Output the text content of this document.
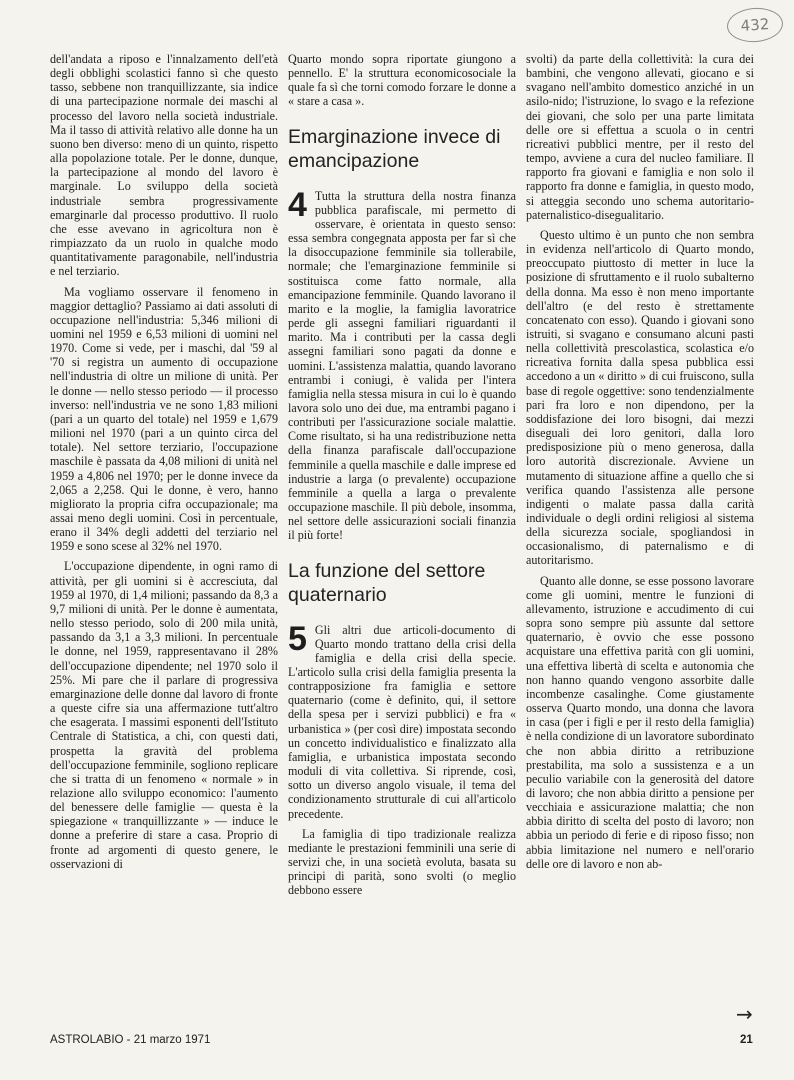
432

dell'andata a riposo e l'innalzamento dell'età degli obblighi scolastici fanno sì che questo tasso, sebbene non tranquillizzante, sia indice di una partecipazione normale dei maschi al processo del lavoro nella società industriale. Ma il tasso di attività relativo alle donne ha un suono ben diverso: meno di un quinto, rispetto alla popolazione totale. Per le donne, dunque, la partecipazione al mondo del lavoro è marginale. Lo sviluppo della società industriale sembra progressivamente emarginarle dal processo produttivo. Il ruolo che esse avevano in agricoltura non è rimpiazzato da un ruolo in qualche modo quantitativamente paragonabile, nell'industria e nel terziario.

Ma vogliamo osservare il fenomeno in maggior dettaglio? Passiamo ai dati assoluti di occupazione nell'industria: 5,346 milioni di uomini nel 1959 e 6,53 milioni di uomini nel 1970. Come si vede, per i maschi, dal '59 al '70 si registra un aumento di occupazione nell'industria di oltre un milione di unità. Per le donne — nello stesso periodo — il processo inverso: nell'industria ve ne sono 1,83 milioni (pari a un quarto del totale) nel 1959 e 1,679 milioni nel 1970 (pari a un quinto circa del totale). Nel settore terziario, l'occupazione maschile è passata da 4,08 milioni di unità nel 1959 a 4,806 nel 1970; per le donne invece da 2,065 a 2,258. Qui le donne, è vero, hanno migliorato la propria cifra occupazionale; ma assai meno degli uomini. Così in percentuale, erano il 34% degli addetti del terziario nel 1959 e sono scese al 32% nel 1970.

L'occupazione dipendente, in ogni ramo di attività, per gli uomini si è accresciuta, dal 1959 al 1970, di 1,4 milioni; passando da 8,3 a 9,7 milioni di unità. Per le donne è aumentata, nello stesso periodo, solo di 200 mila unità, passando da 3,1 a 3,3 milioni. In percentuale le donne, nel 1959, rappresentavano il 28% dell'occupazione dipendente; nel 1970 solo il 25%. Mi pare che il parlare di progressiva emarginazione delle donne dal lavoro di fronte a queste cifre sia una affermazione tutt'altro che esagerata. I massimi esponenti dell'Istituto Centrale di Statistica, a chi, con questi dati, prospetta la gravità del problema dell'occupazione femminile, sogliono replicare che si tratta di un fenomeno « normale » in relazione allo sviluppo economico: l'aumento del benessere delle famiglie — questa è la spiegazione « tranquillizzante » — induce le donne a preferire di stare a casa. Proprio di fronte ad argomenti di questo genere, le osservazioni di

Quarto mondo sopra riportate giungono a pennello. E' la struttura economicosociale la quale fa sì che torni comodo forzare le donne a « stare a casa ».

Emarginazione invece di emancipazione

4 Tutta la struttura della nostra finanza pubblica parafiscale, mi permetto di osservare, è orientata in questo senso: essa sembra congegnata apposta per far sì che la disoccupazione femminile sia tollerabile, normale; che l'emarginazione femminile si sostituisca come fatto normale, alla emancipazione femminile. Quando lavorano il marito e la moglie, la famiglia lavoratrice perde gli assegni familiari riguardanti il marito. Ma i contributi per la cassa degli assegni familiari sono pagati da donne e uomini. L'assistenza malattia, quando lavorano entrambi i coniugi, è valida per l'intera famiglia nella stessa misura in cui lo è quando lavora solo uno dei due, ma entrambi pagano i contributi per l'assicurazione sociale malattie. Come risultato, si ha una redistribuzione netta della finanza parafiscale dall'occupazione femminile a quella maschile e dalle imprese ed industrie a larga (o prevalente) occupazione femminile a quella a larga o prevalente occupazione maschile. Il più debole, insomma, nel settore delle assicurazioni sociali finanzia il più forte!

La funzione del settore quaternario

5 Gli altri due articoli-documento di Quarto mondo trattano della crisi della famiglia e della crisi della specie. L'articolo sulla crisi della famiglia presenta la contrapposizione fra famiglia e settore quaternario (come è definito, qui, il settore della spesa per i servizi pubblici) e fra « urbanistica » (per così dire) impostata secondo un concetto individualistico e finalizzato alla famiglia, e urbanistica impostata secondo moduli di vita collettiva. Si riprende, così, sotto un diverso angolo visuale, il tema del condizionamento strutturale di cui all'articolo precedente.

La famiglia di tipo tradizionale realizza mediante le prestazioni femminili una serie di servizi che, in una società evoluta, basata su principi di parità, sono svolti (o meglio debbono essere

svolti) da parte della collettività: la cura dei bambini, che vengono allevati, giocano e si svagano nell'ambito domestico anziché in un asilo-nido; l'istruzione, lo svago e la refezione dei giovani, che solo per una parte limitata delle ore si effettua a scuola o in centri ricreativi pubblici mentre, per il resto del tempo, avviene a cura del nucleo familiare. Il rapporto fra giovani e famiglia e non solo il rapporto fra donne e famiglia, in questo modo, si atteggia secondo uno schema autoritario-paternalistico-disegualitario.

Questo ultimo è un punto che non sembra in evidenza nell'articolo di Quarto mondo, preoccupato piuttosto di metter in luce la posizione di sfruttamento e il ruolo subalterno della donna. Ma esso è non meno importante dell'altro (e del resto è strettamente concatenato con esso). Quando i giovani sono istruiti, si svagano e consumano alcuni pasti nella collettività prescolastica, scolastica e/o ricreativa fornita dalla spesa pubblica essi accedono a un « diritto » di cui fruiscono, sulla base di regole oggettive: sono tendenzialmente pari fra loro e non dipendono, per la soddisfazione dei loro bisogni, dai mezzi diseguali dei loro genitori, dalla loro predisposizione più o meno generosa, dalla loro autorità discrezionale. Avviene un mutamento di situazione affine a quello che si verifica quando l'assistenza alle persone indigenti o malate passa dalla carità individuale o degli ordini religiosi al sistema della sicurezza sociale, spogliandosi in occasionalismo, di paternalismo e di autoritarismo.

Quanto alle donne, se esse possono lavorare come gli uomini, mentre le funzioni di allevamento, istruzione e accudimento di cui sopra sono sempre più assunte dal settore quaternario, è ovvio che esse possono acquistare una effettiva parità con gli uomini, una effettiva libertà di scelta e autonomia che non hanno quando vengono assorbite dalle incombenze casalinghe. Come giustamente osserva Quarto mondo, una donna che lavora in casa (per i figli e per il resto della famiglia) è nella condizione di un lavoratore subordinato che non abbia diritto a retribuzione prestabilita, ma solo a sussistenza e a un peculio variabile con la generosità del datore di lavoro; che non abbia diritto a pensione per vecchiaia e assicurazione malattia; che non abbia diritto di scelta del posto di lavoro; non abbia un periodo di ferie e di riposo fisso; non abbia limitazione nel numero e nell'orario delle ore di lavoro e non ab-

→
ASTROLABIO - 21 marzo 1971	21
